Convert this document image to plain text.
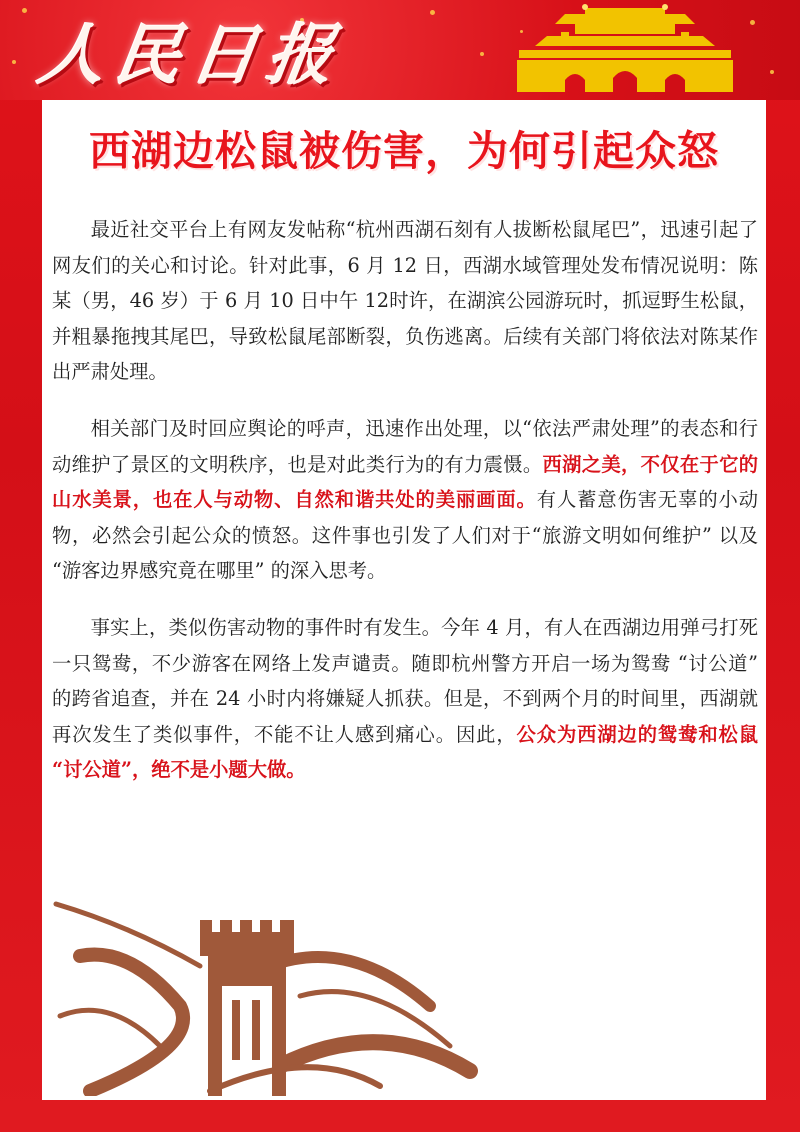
人民日报
西湖边松鼠被伤害，为何引起众怒

最近社交平台上有网友发帖称“杭州西湖石刻有人拔断松鼠尾巴”，迅速引起了网友们的关心和讨论。针对此事，6 月 12 日，西湖水域管理处发布情况说明：陈某（男，46 岁）于 6 月 10 日中午 12时许，在湖滨公园游玩时，抓逗野生松鼠，并粗暴拖拽其尾巴，导致松鼠尾部断裂，负伤逃离。后续有关部门将依法对陈某作出严肃处理。

相关部门及时回应舆论的呼声，迅速作出处理，以“依法严肃处理”的表态和行动维护了景区的文明秩序，也是对此类行为的有力震慑。西湖之美，不仅在于它的山水美景，也在人与动物、自然和谐共处的美丽画面。有人蓄意伤害无辜的小动物，必然会引起公众的愤怒。这件事也引发了人们对于“旅游文明如何维护” 以及 “游客边界感究竟在哪里” 的深入思考。

事实上，类似伤害动物的事件时有发生。今年 4 月，有人在西湖边用弹弓打死一只鸳鸯，不少游客在网络上发声谴责。随即杭州警方开启一场为鸳鸯 “讨公道” 的跨省追查，并在 24 小时内将嫌疑人抓获。但是，不到两个月的时间里，西湖就再次发生了类似事件，不能不让人感到痛心。因此，公众为西湖边的鸳鸯和松鼠 “讨公道”，绝不是小题大做。
